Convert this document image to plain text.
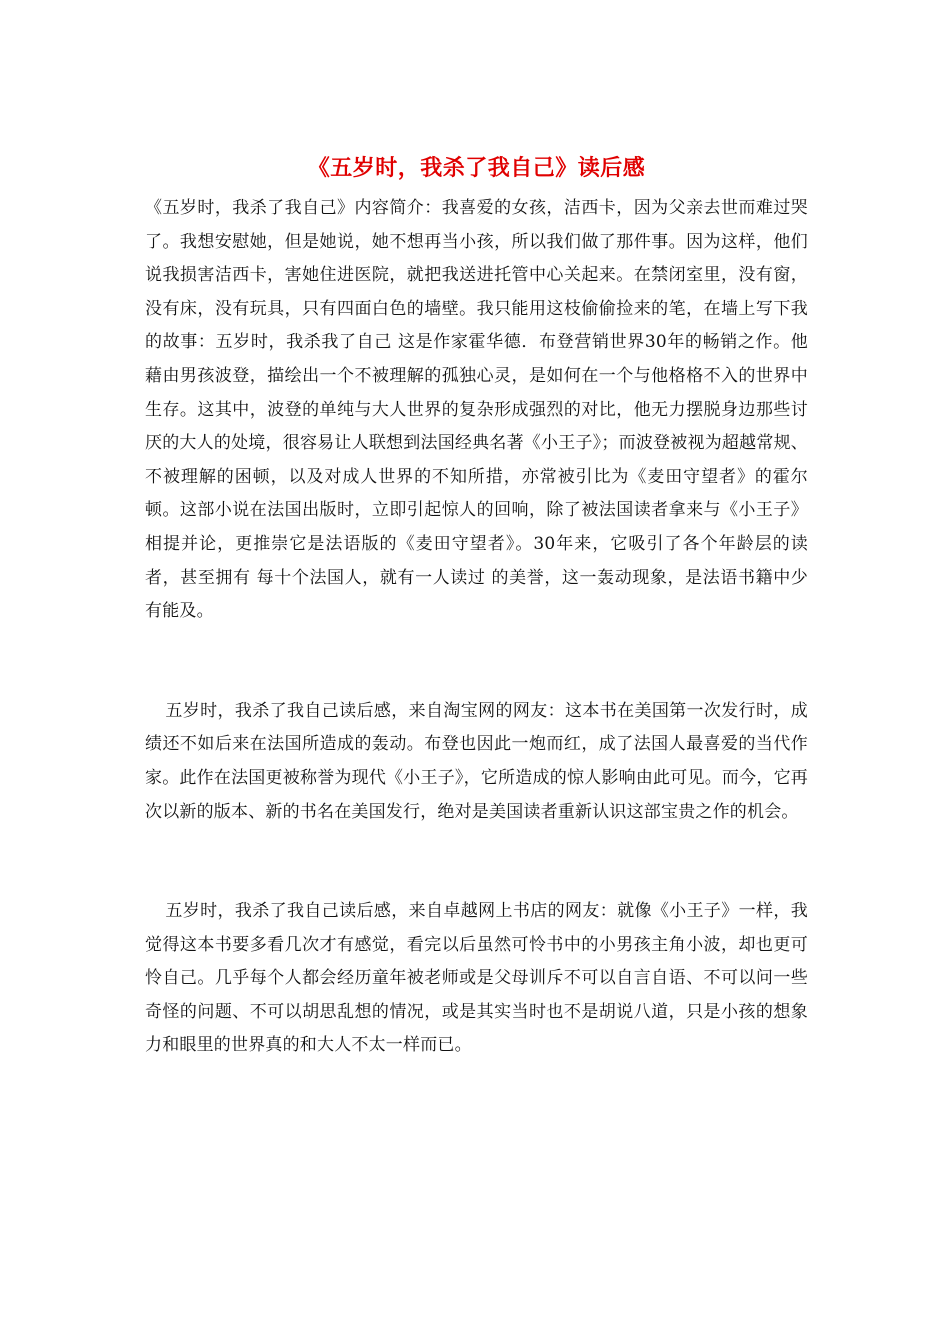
《五岁时，我杀了我自己》读后感

《五岁时，我杀了我自己》内容简介：我喜爱的女孩，洁西卡，因为父亲去世而难过哭了。我想安慰她，但是她说，她不想再当小孩，所以我们做了那件事。因为这样，他们说我损害洁西卡，害她住进医院，就把我送进托管中心关起来。在禁闭室里，没有窗，没有床，没有玩具，只有四面白色的墙壁。我只能用这枝偷偷捡来的笔，在墙上写下我的故事：五岁时，我杀我了自己 这是作家霍华德．布登营销世界30年的畅销之作。他藉由男孩波登，描绘出一个不被理解的孤独心灵，是如何在一个与他格格不入的世界中生存。这其中，波登的单纯与大人世界的复杂形成强烈的对比，他无力摆脱身边那些讨厌的大人的处境，很容易让人联想到法国经典名著《小王子》；而波登被视为超越常规、不被理解的困顿，以及对成人世界的不知所措，亦常被引比为《麦田守望者》的霍尔顿。这部小说在法国出版时，立即引起惊人的回响，除了被法国读者拿来与《小王子》相提并论，更推崇它是法语版的《麦田守望者》。30年来，它吸引了各个年龄层的读者，甚至拥有 每十个法国人，就有一人读过 的美誉，这一轰动现象，是法语书籍中少有能及。

五岁时，我杀了我自己读后感，来自淘宝网的网友：这本书在美国第一次发行时，成绩还不如后来在法国所造成的轰动。布登也因此一炮而红，成了法国人最喜爱的当代作家。此作在法国更被称誉为现代《小王子》，它所造成的惊人影响由此可见。而今，它再次以新的版本、新的书名在美国发行，绝对是美国读者重新认识这部宝贵之作的机会。

五岁时，我杀了我自己读后感，来自卓越网上书店的网友：就像《小王子》一样，我觉得这本书要多看几次才有感觉，看完以后虽然可怜书中的小男孩主角小波，却也更可怜自己。几乎每个人都会经历童年被老师或是父母训斥不可以自言自语、不可以问一些奇怪的问题、不可以胡思乱想的情况，或是其实当时也不是胡说八道，只是小孩的想象力和眼里的世界真的和大人不太一样而已。
